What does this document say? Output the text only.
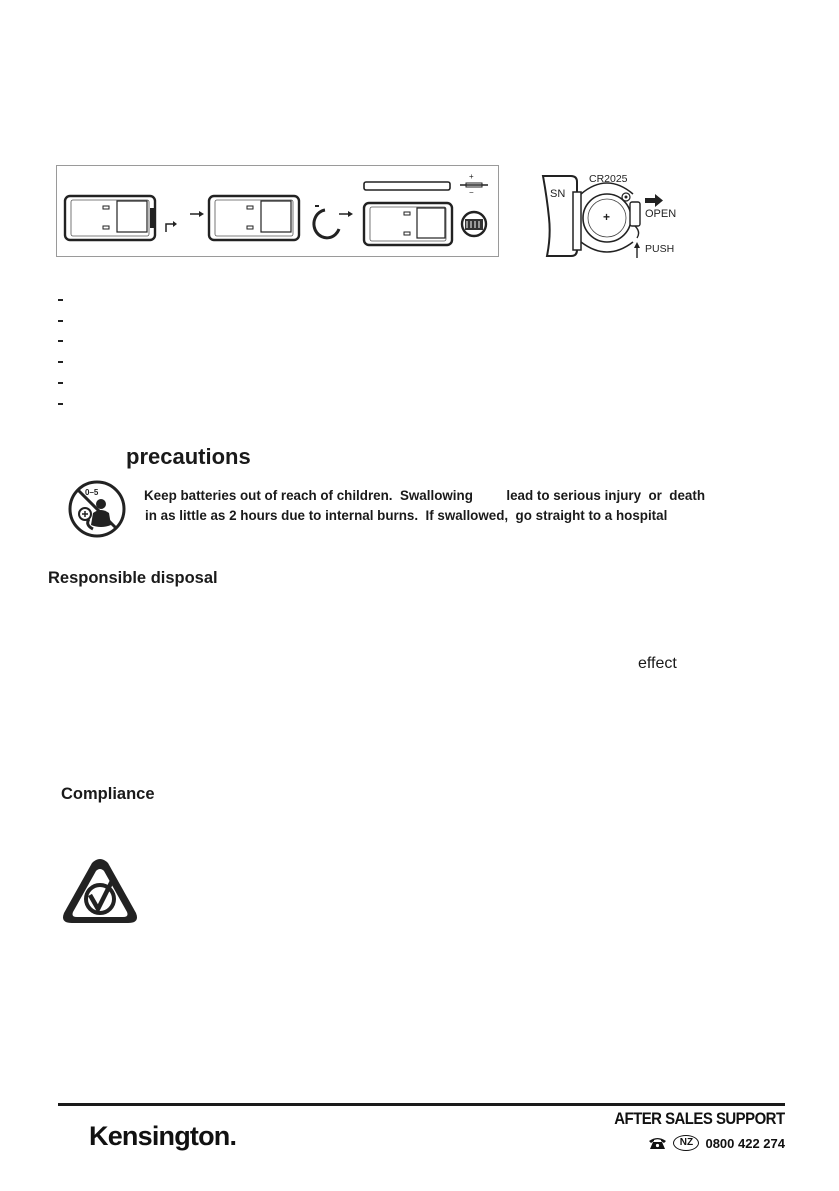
+
−	SN
CR2025
+	OPEN
PUSH
precautions
0–5	Keep batteries out of reach of children.  Swallowing         lead to serious injury  or  death
in as little as 2 hours due to internal burns.  If swallowed,  go straight to a hospital
Responsible disposal
effect
Compliance
Kensington.
AFTER SALES SUPPORT
NZ 0800 422 274
